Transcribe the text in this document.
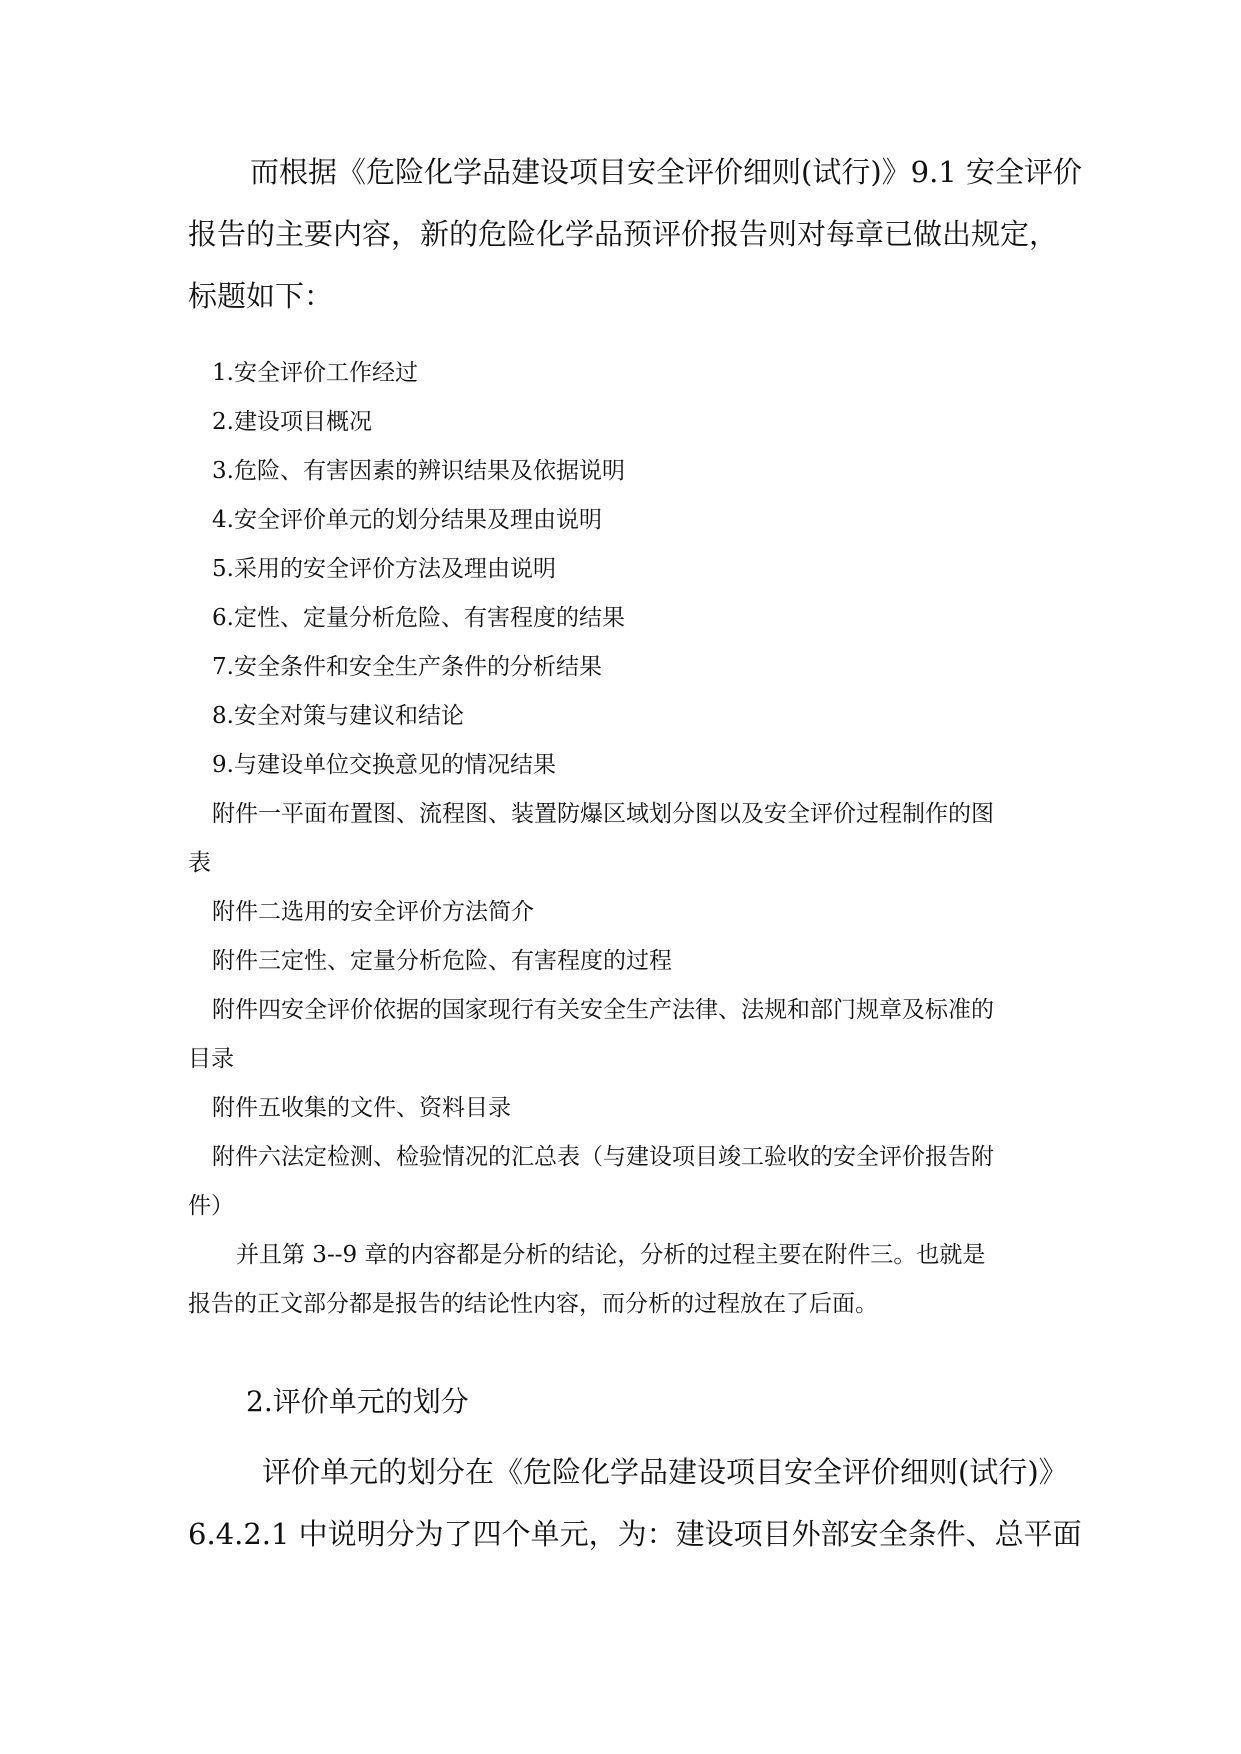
而根据《危险化学品建设项目安全评价细则(试行)》9.1 安全评价

报告的主要内容，新的危险化学品预评价报告则对每章已做出规定，

标题如下：

1.安全评价工作经过

2.建设项目概况

3.危险、有害因素的辨识结果及依据说明

4.安全评价单元的划分结果及理由说明

5.采用的安全评价方法及理由说明

6.定性、定量分析危险、有害程度的结果

7.安全条件和安全生产条件的分析结果

8.安全对策与建议和结论

9.与建设单位交换意见的情况结果

附件一平面布置图、流程图、装置防爆区域划分图以及安全评价过程制作的图

表

附件二选用的安全评价方法简介

附件三定性、定量分析危险、有害程度的过程

附件四安全评价依据的国家现行有关安全生产法律、法规和部门规章及标准的

目录

附件五收集的文件、资料目录

附件六法定检测、检验情况的汇总表（与建设项目竣工验收的安全评价报告附

件）

并且第 3--9 章的内容都是分析的结论，分析的过程主要在附件三。也就是

报告的正文部分都是报告的结论性内容，而分析的过程放在了后面。

2.评价单元的划分

评价单元的划分在《危险化学品建设项目安全评价细则(试行)》

6.4.2.1 中说明分为了四个单元，为：建设项目外部安全条件、总平面
